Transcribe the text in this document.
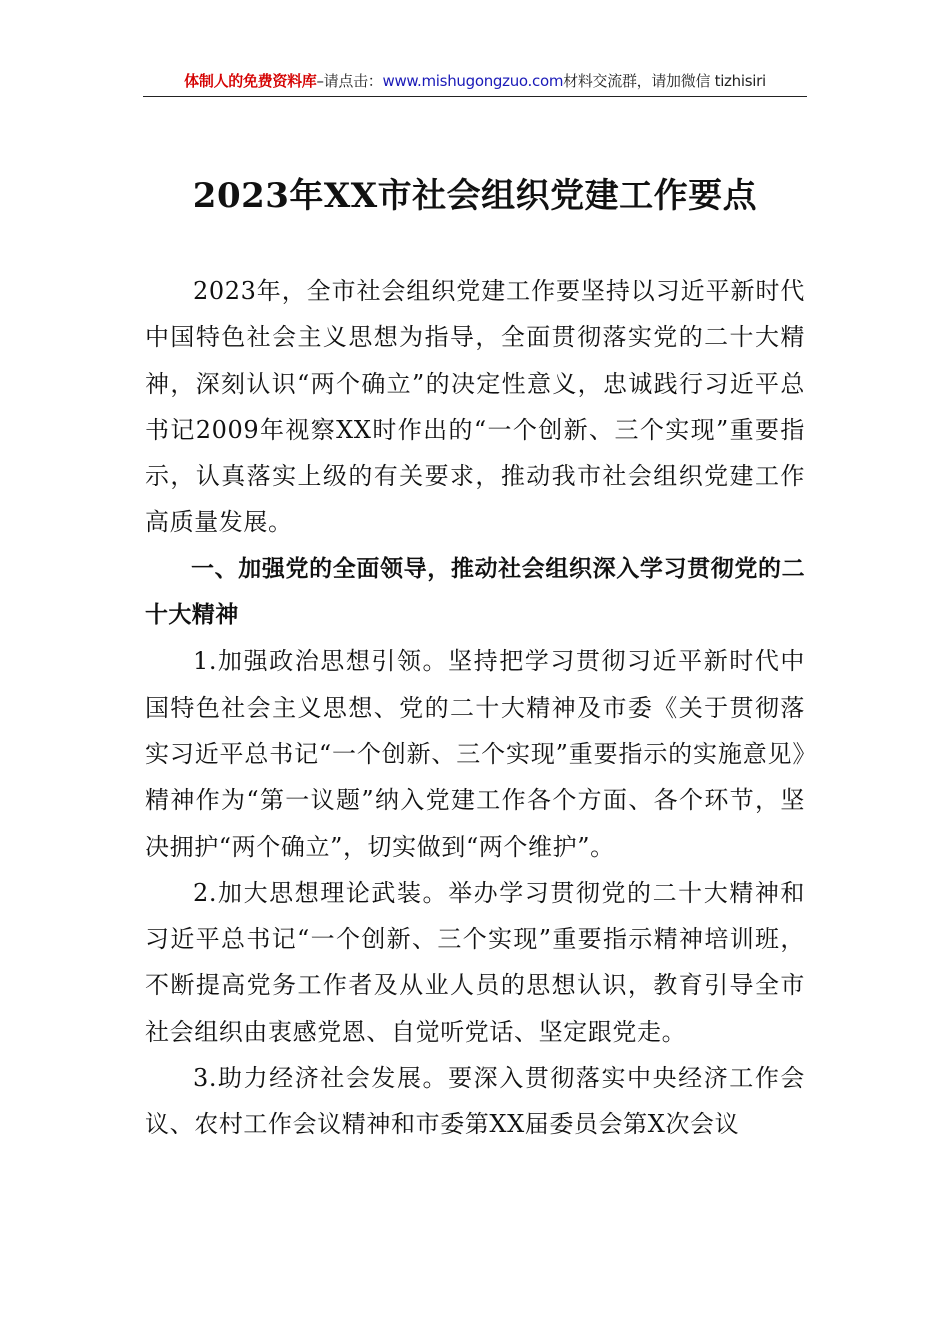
体制人的免费资料库–请点击：www.mishugongzuo.com材料交流群，请加微信 tizhisiri
2023年XX市社会组织党建工作要点

2023年，全市社会组织党建工作要坚持以习近平新时代中国特色社会主义思想为指导，全面贯彻落实党的二十大精神，深刻认识“两个确立”的决定性意义，忠诚践行习近平总书记2009年视察XX时作出的“一个创新、三个实现”重要指示，认真落实上级的有关要求，推动我市社会组织党建工作高质量发展。

一、加强党的全面领导，推动社会组织深入学习贯彻党的二十大精神

1.加强政治思想引领。坚持把学习贯彻习近平新时代中国特色社会主义思想、党的二十大精神及市委《关于贯彻落实习近平总书记“一个创新、三个实现”重要指示的实施意见》精神作为“第一议题”纳入党建工作各个方面、各个环节，坚决拥护“两个确立”，切实做到“两个维护”。

2.加大思想理论武装。举办学习贯彻党的二十大精神和习近平总书记“一个创新、三个实现”重要指示精神培训班，不断提高党务工作者及从业人员的思想认识，教育引导全市社会组织由衷感党恩、自觉听党话、坚定跟党走。

3.助力经济社会发展。要深入贯彻落实中央经济工作会议、农村工作会议精神和市委第XX届委员会第X次会议
